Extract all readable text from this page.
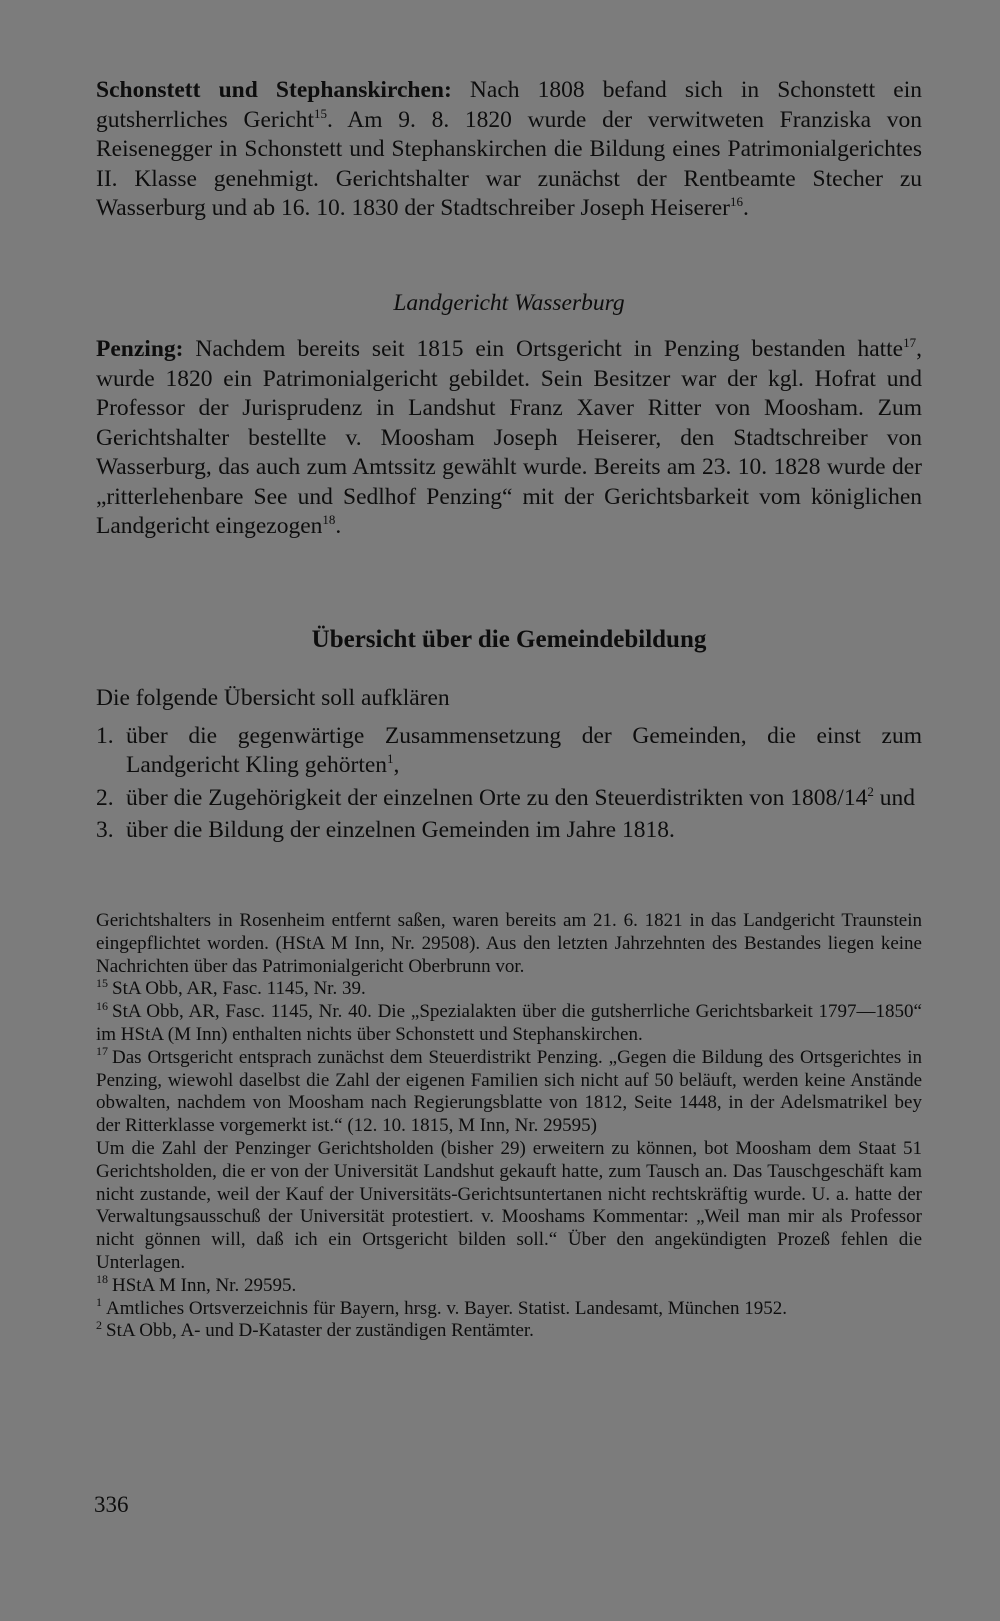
Schonstett und Stephanskirchen: Nach 1808 befand sich in Schonstett ein gutsherrliches Gericht$^{15}$. Am 9. 8. 1820 wurde der verwitweten Franziska von Reisenegger in Schonstett und Stephanskirchen die Bildung eines Patrimonialgerichtes II. Klasse genehmigt. Gerichtshalter war zunächst der Rentbeamte Stecher zu Wasserburg und ab 16. 10. 1830 der Stadtschreiber Joseph Heiserer$^{16}$.

Landgericht Wasserburg

Penzing: Nachdem bereits seit 1815 ein Ortsgericht in Penzing bestanden hatte$^{17}$, wurde 1820 ein Patrimonialgericht gebildet. Sein Besitzer war der kgl. Hofrat und Professor der Jurisprudenz in Landshut Franz Xaver Ritter von Moosham. Zum Gerichtshalter bestellte v. Moosham Joseph Heiserer, den Stadtschreiber von Wasserburg, das auch zum Amtssitz gewählt wurde. Bereits am 23. 10. 1828 wurde der „ritterlehenbare See und Sedlhof Penzing“ mit der Gerichtsbarkeit vom königlichen Landgericht eingezogen$^{18}$.

Übersicht über die Gemeindebildung

Die folgende Übersicht soll aufklären

1. über die gegenwärtige Zusammensetzung der Gemeinden, die einst zum Landgericht Kling gehörten$^1$,
2. über die Zugehörigkeit der einzelnen Orte zu den Steuerdistrikten von $1808/14^2$ und
3. über die Bildung der einzelnen Gemeinden im Jahre 1818.

Gerichtshalters in Rosenheim entfernt saßen, waren bereits am 21. 6. 1821 in das Landgericht Traunstein eingepflichtet worden. (HStA M Inn, Nr. 29508). Aus den letzten Jahrzehnten des Bestandes liegen keine Nachrichten über das Patrimonialgericht Oberbrunn vor.

$^{15}$ StA Obb, AR, Fasc. 1145, Nr. 39.

$^{16}$ StA Obb, AR, Fasc. 1145, Nr. 40. Die „Spezialakten über die gutsherrliche Gerichtsbarkeit 1797—1850“ im HStA (M Inn) enthalten nichts über Schonstett und Stephanskirchen.

$^{17}$ Das Ortsgericht entsprach zunächst dem Steuerdistrikt Penzing. „Gegen die Bildung des Ortsgerichtes in Penzing, wiewohl daselbst die Zahl der eigenen Familien sich nicht auf 50 beläuft, werden keine Anstände obwalten, nachdem von Moosham nach Regierungsblatte von 1812, Seite 1448, in der Adelsmatrikel bey der Ritterklasse vorgemerkt ist.“ (12. 10. 1815, M Inn, Nr. 29595)

Um die Zahl der Penzinger Gerichtsholden (bisher 29) erweitern zu können, bot Moosham dem Staat 51 Gerichtsholden, die er von der Universität Landshut gekauft hatte, zum Tausch an. Das Tauschgeschäft kam nicht zustande, weil der Kauf der Universitäts-Gerichtsuntertanen nicht rechtskräftig wurde. U. a. hatte der Verwaltungsausschuß der Universität protestiert. v. Mooshams Kommentar: „Weil man mir als Professor nicht gönnen will, daß ich ein Ortsgericht bilden soll.“ Über den angekündigten Prozeß fehlen die Unterlagen.

$^{18}$ HStA M Inn, Nr. 29595.

$^1$ Amtliches Ortsverzeichnis für Bayern, hrsg. v. Bayer. Statist. Landesamt, München 1952.

$^2$ StA Obb, A- und D-Kataster der zuständigen Rentämter.

336
